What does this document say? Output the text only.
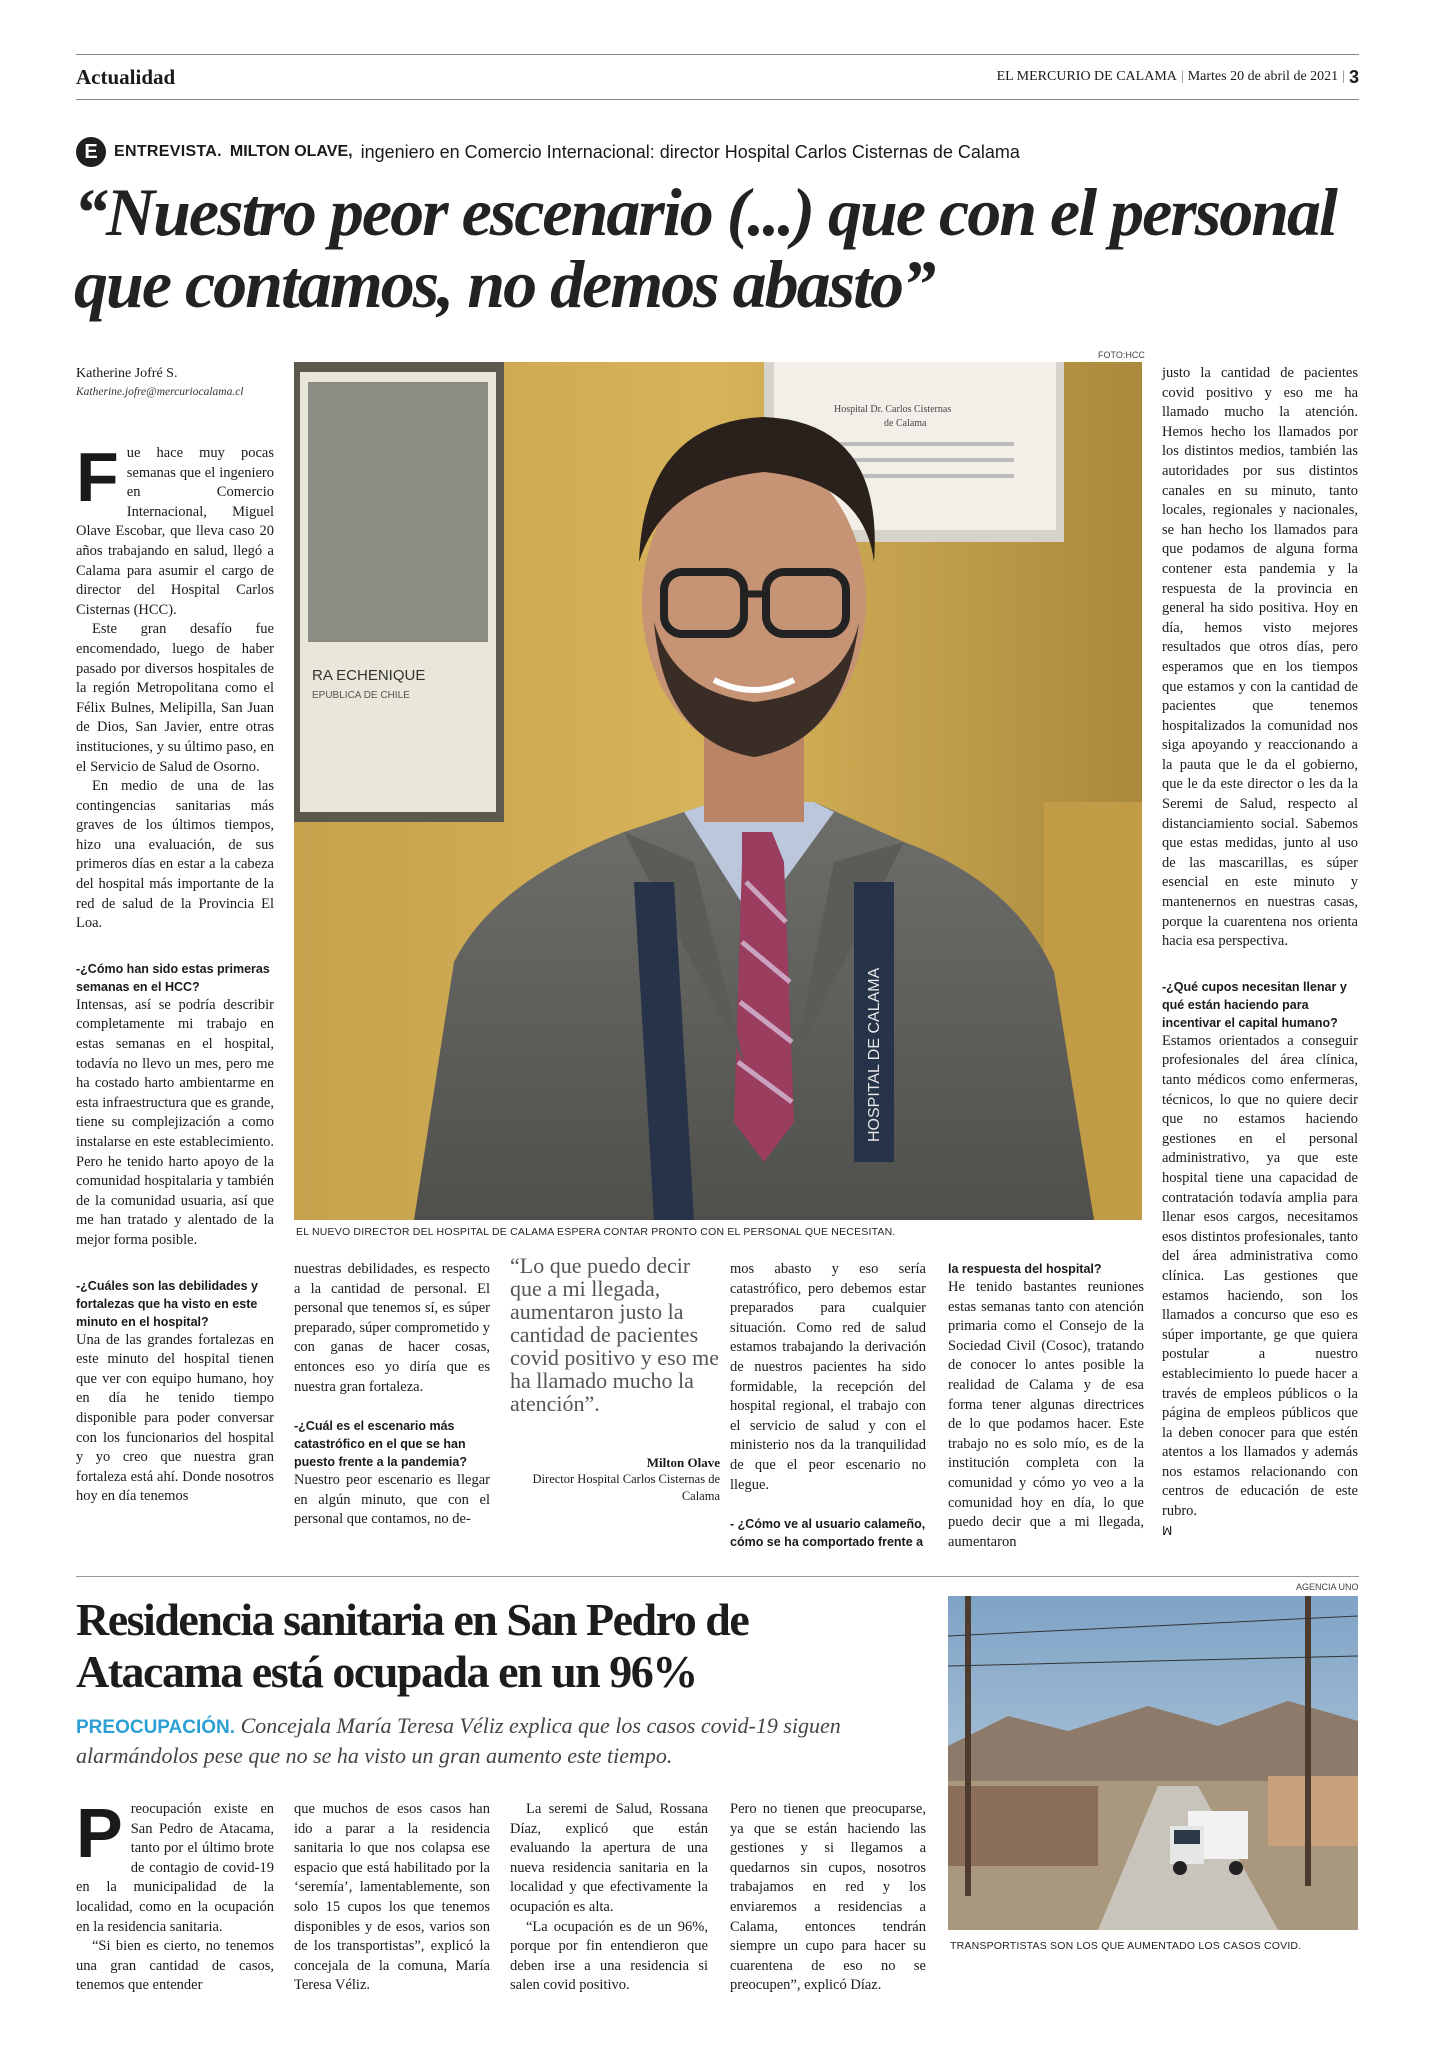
Actualidad	EL MERCURIO DE CALAMA | Martes 20 de abril de 2021 | 3
E	ENTREVISTA. MILTON OLAVE, ingeniero en Comercio Internacional: director Hospital Carlos Cisternas de Calama
“Nuestro peor escenario (...) que con el personal que contamos, no demos abasto”
Katherine Jofré S.
Katherine.jofre@mercuriocalama.cl

Fue hace muy pocas semanas que el ingeniero en Comercio Internacional, Miguel Olave Escobar, que lleva caso 20 años trabajando en salud, llegó a Calama para asumir el cargo de director del Hospital Carlos Cisternas (HCC).

Este gran desafío fue encomendado, luego de haber pasado por diversos hospitales de la región Metropolitana como el Félix Bulnes, Melipilla, San Juan de Dios, San Javier, entre otras instituciones, y su último paso, en el Servicio de Salud de Osorno.

En medio de una de las contingencias sanitarias más graves de los últimos tiempos, hizo una evaluación, de sus primeros días en estar a la cabeza del hospital más importante de la red de salud de la Provincia El Loa.

-¿Cómo han sido estas primeras semanas en el HCC?

Intensas, así se podría describir completamente mi trabajo en estas semanas en el hospital, todavía no llevo un mes, pero me ha costado harto ambientarme en esta infraestructura que es grande, tiene su complejización a como instalarse en este establecimiento. Pero he tenido harto apoyo de la comunidad hospitalaria y también de la comunidad usuaria, así que me han tratado y alentado de la mejor forma posible.

-¿Cuáles son las debilidades y fortalezas que ha visto en este minuto en el hospital?

Una de las grandes fortalezas en este minuto del hospital tienen que ver con equipo humano, hoy en día he tenido tiempo disponible para poder conversar con los funcionarios del hospital y yo creo que nuestra gran fortaleza está ahí. Donde nosotros hoy en día tenemos

FOTO:HCC
RA ECHENIQUE
EPUBLICA DE CHILE
Hospital Dr. Carlos Cisternas
de Calama
HOSPITAL DE CALAMA
EL NUEVO DIRECTOR DEL HOSPITAL DE CALAMA ESPERA CONTAR PRONTO CON EL PERSONAL QUE NECESITAN.

nuestras debilidades, es respecto a la cantidad de personal. El personal que tenemos sí, es súper preparado, súper comprometido y con ganas de hacer cosas, entonces eso yo diría que es nuestra gran fortaleza.

-¿Cuál es el escenario más catastrófico en el que se han puesto frente a la pandemia?

Nuestro peor escenario es llegar en algún minuto, que con el personal que contamos, no de-

“Lo que puedo decir que a mi llegada, aumentaron justo la cantidad de pacientes covid positivo y eso me ha llamado mucho la atención”.
Milton Olave
Director Hospital Carlos Cisternas de Calama

mos abasto y eso sería catastrófico, pero debemos estar preparados para cualquier situación. Como red de salud estamos trabajando la derivación de nuestros pacientes ha sido formidable, la recepción del hospital regional, el trabajo con el servicio de salud y con el ministerio nos da la tranquilidad de que el peor escenario no llegue.

- ¿Cómo ve al usuario calameño, cómo se ha comportado frente a

la respuesta del hospital?

He tenido bastantes reuniones estas semanas tanto con atención primaria como el Consejo de la Sociedad Civil (Cosoc), tratando de conocer lo antes posible la realidad de Calama y de esa forma tener algunas directrices de lo que podamos hacer. Este trabajo no es solo mío, es de la institución completa con la comunidad y cómo yo veo a la comunidad hoy en día, lo que puedo decir que a mi llegada, aumentaron

justo la cantidad de pacientes covid positivo y eso me ha llamado mucho la atención. Hemos hecho los llamados por los distintos medios, también las autoridades por sus distintos canales en su minuto, tanto locales, regionales y nacionales, se han hecho los llamados para que podamos de alguna forma contener esta pandemia y la respuesta de la provincia en general ha sido positiva. Hoy en día, hemos visto mejores resultados que otros días, pero esperamos que en los tiempos que estamos y con la cantidad de pacientes que tenemos hospitalizados la comunidad nos siga apoyando y reaccionando a la pauta que le da el gobierno, que le da este director o les da la Seremi de Salud, respecto al distanciamiento social. Sabemos que estas medidas, junto al uso de las mascarillas, es súper esencial en este minuto y mantenernos en nuestras casas, porque la cuarentena nos orienta hacia esa perspectiva.

-¿Qué cupos necesitan llenar y qué están haciendo para incentivar el capital humano?

Estamos orientados a conseguir profesionales del área clínica, tanto médicos como enfermeras, técnicos, lo que no quiere decir que no estamos haciendo gestiones en el personal administrativo, ya que este hospital tiene una capacidad de contratación todavía amplia para llenar esos cargos, necesitamos esos distintos profesionales, tanto del área administrativa como clínica. Las gestiones que estamos haciendo, son los llamados a concurso que eso es súper importante, ge que quiera postular a nuestro establecimiento lo puede hacer a través de empleos públicos o la página de empleos públicos que la deben conocer para que estén atentos a los llamados y además nos estamos relacionando con centros de educación de este rubro.

ꟽ
Residencia sanitaria en San Pedro de Atacama está ocupada en un 96%
PREOCUPACIÓN. Concejala María Teresa Véliz explica que los casos covid-19 siguen alarmándolos pese que no se ha visto un gran aumento este tiempo.
AGENCIA UNO
TRANSPORTISTAS SON LOS QUE AUMENTADO LOS CASOS COVID.

Preocupación existe en San Pedro de Atacama, tanto por el último brote de contagio de covid-19 en la municipalidad de la localidad, como en la ocupación en la residencia sanitaria.

“Si bien es cierto, no tenemos una gran cantidad de casos, tenemos que entender

que muchos de esos casos han ido a parar a la residencia sanitaria lo que nos colapsa ese espacio que está habilitado por la ‘seremía’, lamentablemente, son solo 15 cupos los que tenemos disponibles y de esos, varios son de los transportistas”, explicó la concejala de la comuna, María Teresa Véliz.

La seremi de Salud, Rossana Díaz, explicó que están evaluando la apertura de una nueva residencia sanitaria en la localidad y que efectivamente la ocupación es alta.

“La ocupación es de un 96%, porque por fin entendieron que deben irse a una residencia si salen covid positivo.

Pero no tienen que preocuparse, ya que se están haciendo las gestiones y si llegamos a quedarnos sin cupos, nosotros trabajamos en red y los enviaremos a residencias a Calama, entonces tendrán siempre un cupo para hacer su cuarentena de eso no se preocupen”, explicó Díaz.
